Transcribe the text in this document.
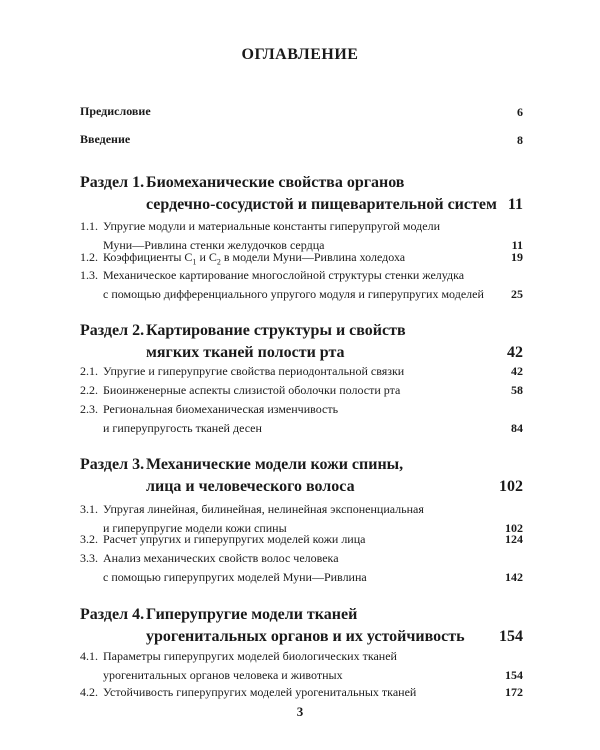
ОГЛАВЛЕНИЕ
Предисловие	6
Введение	8
Раздел 1. Биомеханические свойства органов
сердечно-сосудистой и пищеварительной систем 11
1.1. Упругие модули и материальные константы гиперупругой модели
Муни—Ривлина стенки желудочков сердца	11
1.2. Коэффициенты $C_1$ и $C_2$ в модели Муни—Ривлина холедоха	19
1.3. Механическое картирование многослойной структуры стенки желудка
с помощью дифференциального упругого модуля и гиперупругих моделей 25
Раздел 2. Картирование структуры и свойств
мягких тканей полости рта	42
2.1. Упругие и гиперупругие свойства периодонтальной связки	42
2.2. Биоинженерные аспекты слизистой оболочки полости рта	58
2.3. Региональная биомеханическая изменчивость
и гиперупругость тканей десен	84
Раздел 3. Механические модели кожи спины,
лица и человеческого волоса	102
3.1. Упругая линейная, билинейная, нелинейная экспоненциальная
и гиперупругие модели кожи спины	102
3.2. Расчет упругих и гиперупругих моделей кожи лица	124
3.3. Анализ механических свойств волос человека
с помощью гиперупругих моделей Муни—Ривлина	142
Раздел 4. Гиперупругие модели тканей
урогенитальных органов и их устойчивость 154
4.1. Параметры гиперупругих моделей биологических тканей
урогенитальных органов человека и животных	154
4.2. Устойчивость гиперупругих моделей урогенитальных тканей	172
3
